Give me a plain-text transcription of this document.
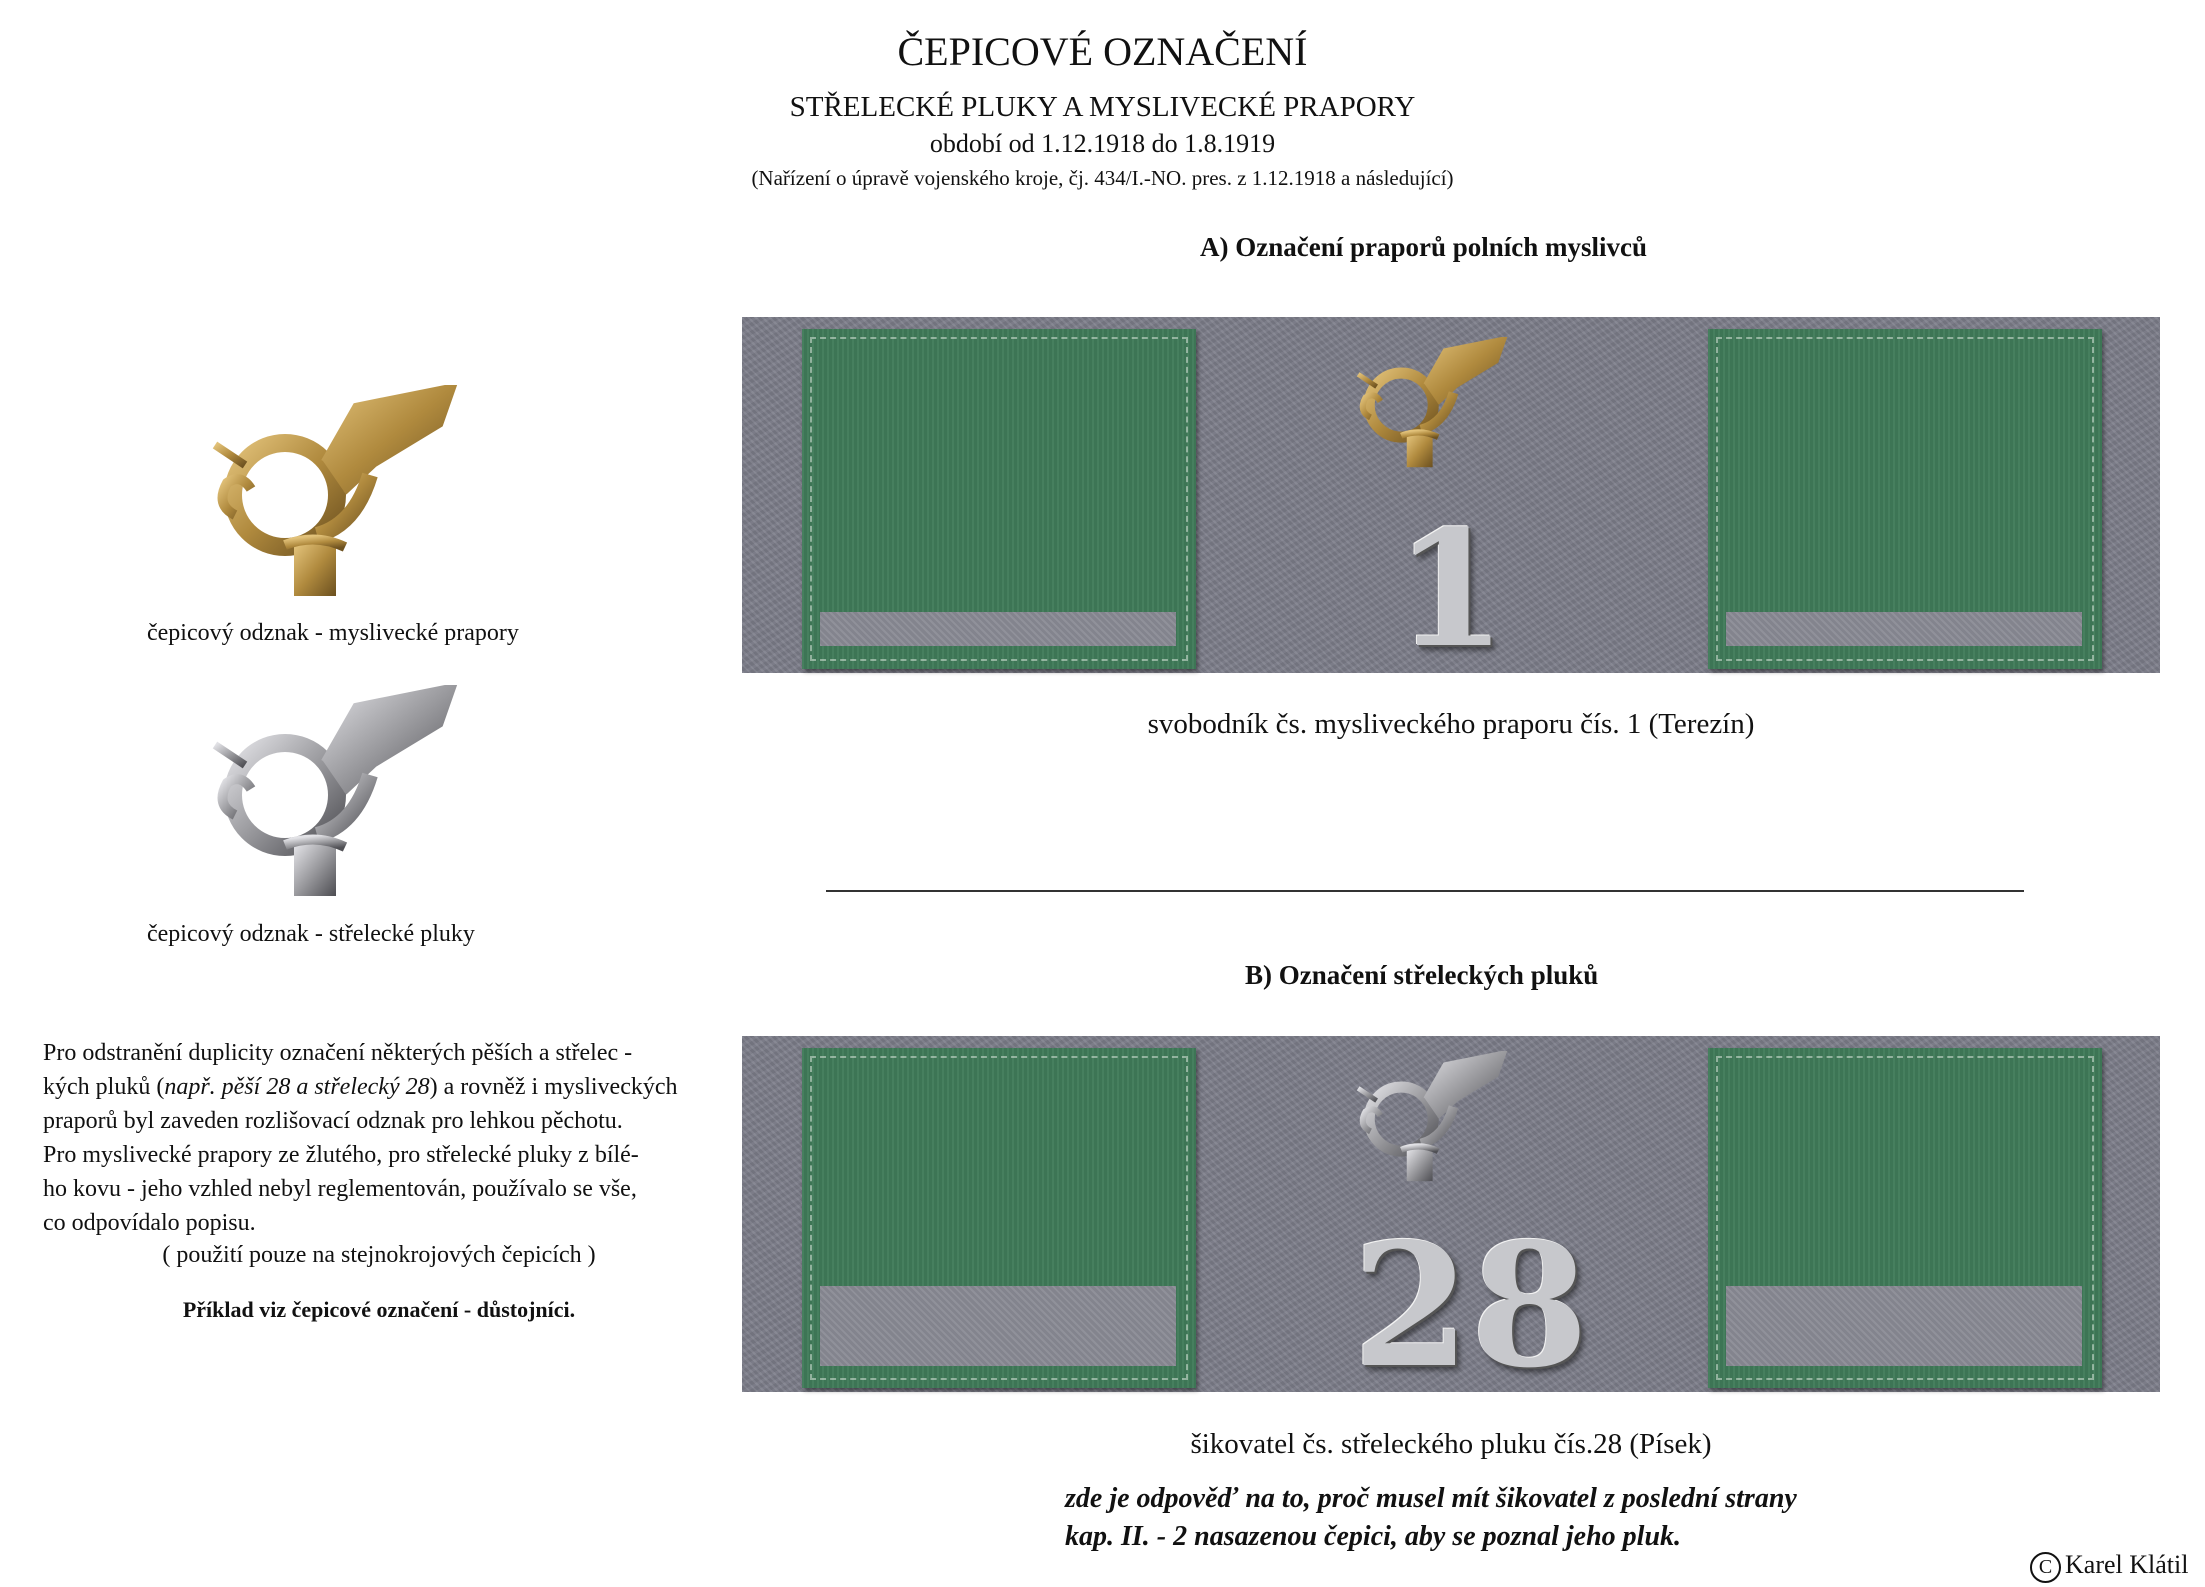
ČEPICOVÉ OZNAČENÍ
STŘELECKÉ PLUKY A MYSLIVECKÉ PRAPORY
období od 1.12.1918 do 1.8.1919
(Nařízení o úpravě vojenského kroje, čj. 434/I.-NO. pres. z 1.12.1918 a následující)
čepicový odznak - myslivecké prapory
čepicový odznak - střelecké pluky
A) Označení praporů polních myslivců
1
svobodník čs. mysliveckého praporu čís. 1 (Terezín)
B) Označení střeleckých pluků
28
šikovatel čs. střeleckého pluku čís.28 (Písek)
Pro odstranění duplicity označení některých pěších a střelec -
kých pluků (např. pěší 28 a střelecký 28) a rovněž i mysliveckých
praporů byl zaveden rozlišovací odznak pro lehkou pěchotu.
Pro myslivecké prapory ze žlutého, pro střelecké pluky z bílé-
ho kovu - jeho vzhled nebyl reglementován, používalo se vše,
co odpovídalo popisu.
( použití pouze na stejnokrojových čepicích )
Příklad viz čepicové označení - důstojníci.
zde je odpověď na to, proč musel mít šikovatel z poslední strany
kap. II. - 2 nasazenou čepici, aby se poznal jeho pluk.
C Karel Klátil
